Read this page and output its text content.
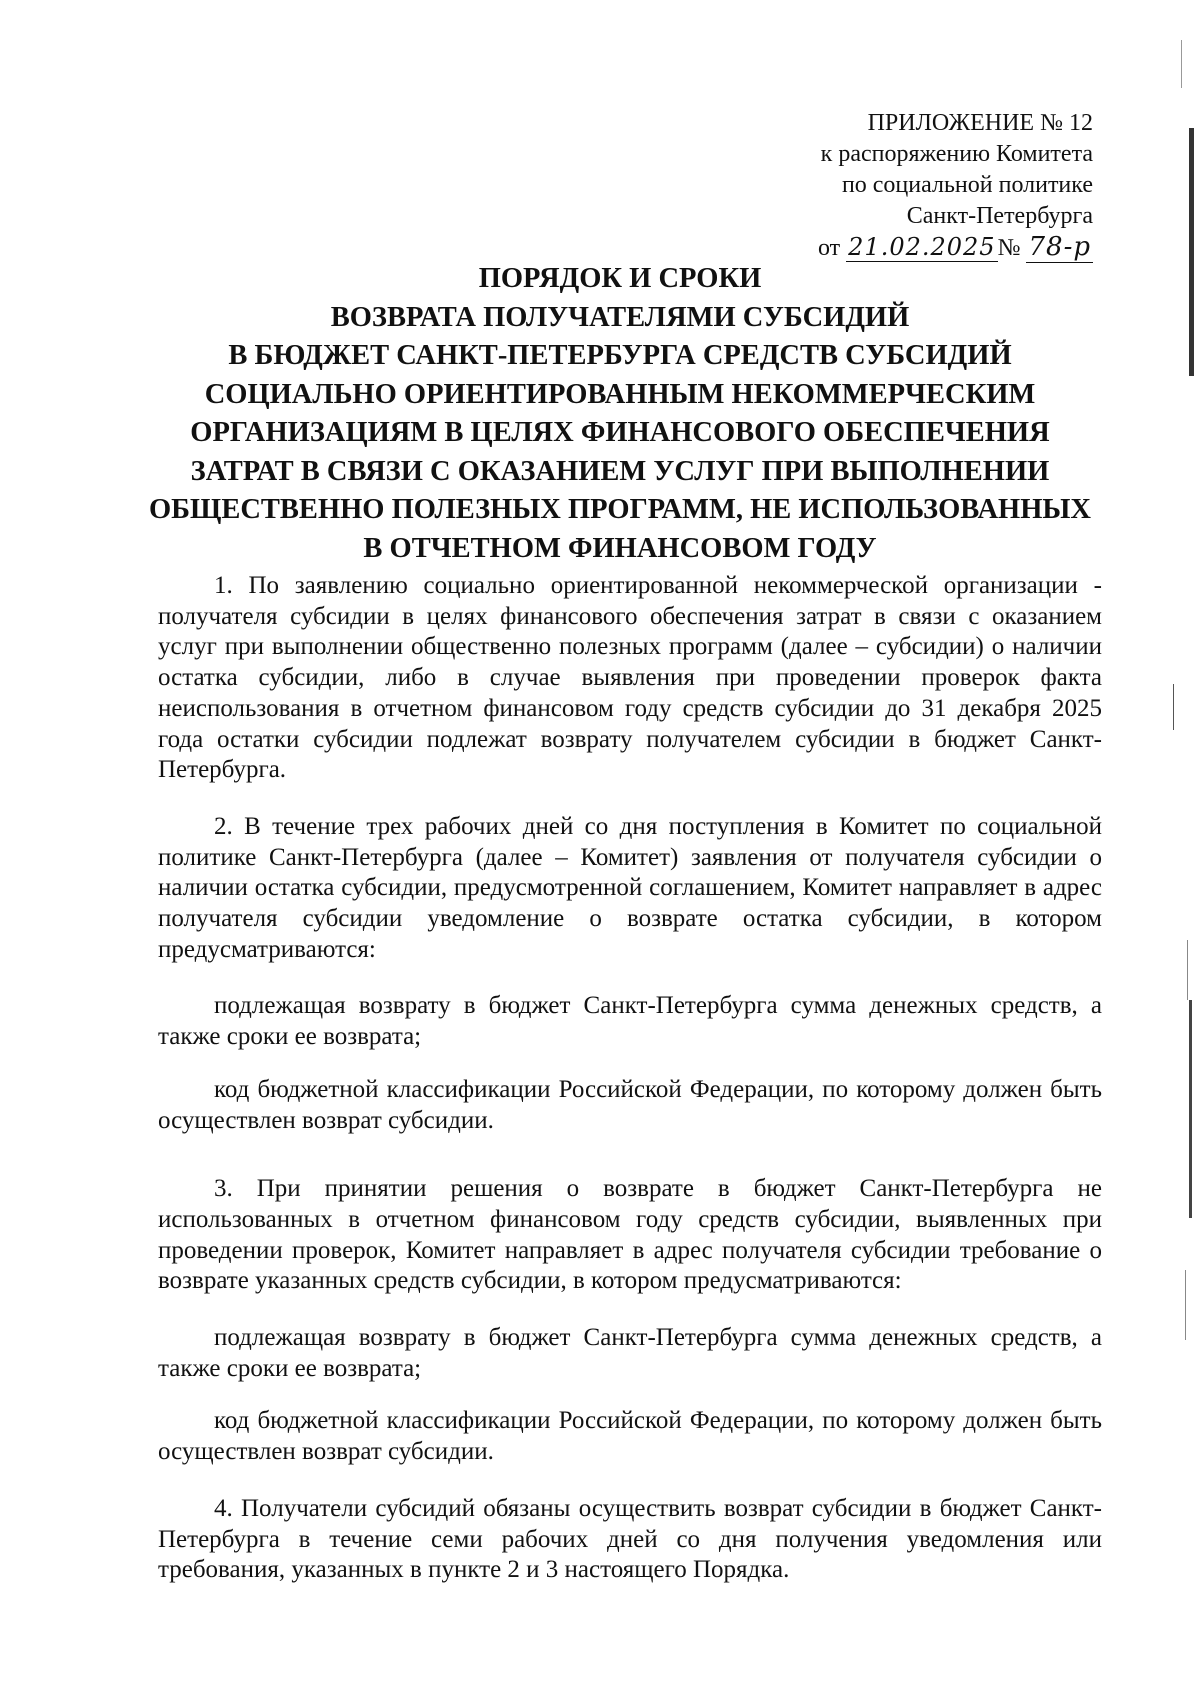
ПРИЛОЖЕНИЕ № 12
к распоряжению Комитета
по социальной политике
Санкт-Петербурга
от 21.02.2025№ 78-р
ПОРЯДОК И СРОКИ
ВОЗВРАТА ПОЛУЧАТЕЛЯМИ СУБСИДИЙ
В БЮДЖЕТ САНКТ-ПЕТЕРБУРГА СРЕДСТВ СУБСИДИЙ
СОЦИАЛЬНО ОРИЕНТИРОВАННЫМ НЕКОММЕРЧЕСКИМ
ОРГАНИЗАЦИЯМ В ЦЕЛЯХ ФИНАНСОВОГО ОБЕСПЕЧЕНИЯ
ЗАТРАТ В СВЯЗИ С ОКАЗАНИЕМ УСЛУГ ПРИ ВЫПОЛНЕНИИ
ОБЩЕСТВЕННО ПОЛЕЗНЫХ ПРОГРАММ, НЕ ИСПОЛЬЗОВАННЫХ
В ОТЧЕТНОМ ФИНАНСОВОМ ГОДУ

1. По заявлению социально ориентированной некоммерческой организации - получателя субсидии в целях финансового обеспечения затрат в связи с оказанием услуг при выполнении общественно полезных программ (далее – субсидии) о наличии остатка субсидии, либо в случае выявления при проведении проверок факта неиспользования в отчетном финансовом году средств субсидии до 31 декабря 2025 года остатки субсидии подлежат возврату получателем субсидии в бюджет Санкт-Петербурга.

2. В течение трех рабочих дней со дня поступления в Комитет по социальной политике Санкт-Петербурга (далее – Комитет) заявления от получателя субсидии о наличии остатка субсидии, предусмотренной соглашением, Комитет направляет в адрес получателя субсидии уведомление о возврате остатка субсидии, в котором предусматриваются:

подлежащая возврату в бюджет Санкт-Петербурга сумма денежных средств, а также сроки ее возврата;

код бюджетной классификации Российской Федерации, по которому должен быть осуществлен возврат субсидии.

3. При принятии решения о возврате в бюджет Санкт-Петербурга не использованных в отчетном финансовом году средств субсидии, выявленных при проведении проверок, Комитет направляет в адрес получателя субсидии требование о возврате указанных средств субсидии, в котором предусматриваются:

подлежащая возврату в бюджет Санкт-Петербурга сумма денежных средств, а также сроки ее возврата;

код бюджетной классификации Российской Федерации, по которому должен быть осуществлен возврат субсидии.

4. Получатели субсидий обязаны осуществить возврат субсидии в бюджет Санкт-Петербурга в течение семи рабочих дней со дня получения уведомления или требования, указанных в пункте 2 и 3 настоящего Порядка.
